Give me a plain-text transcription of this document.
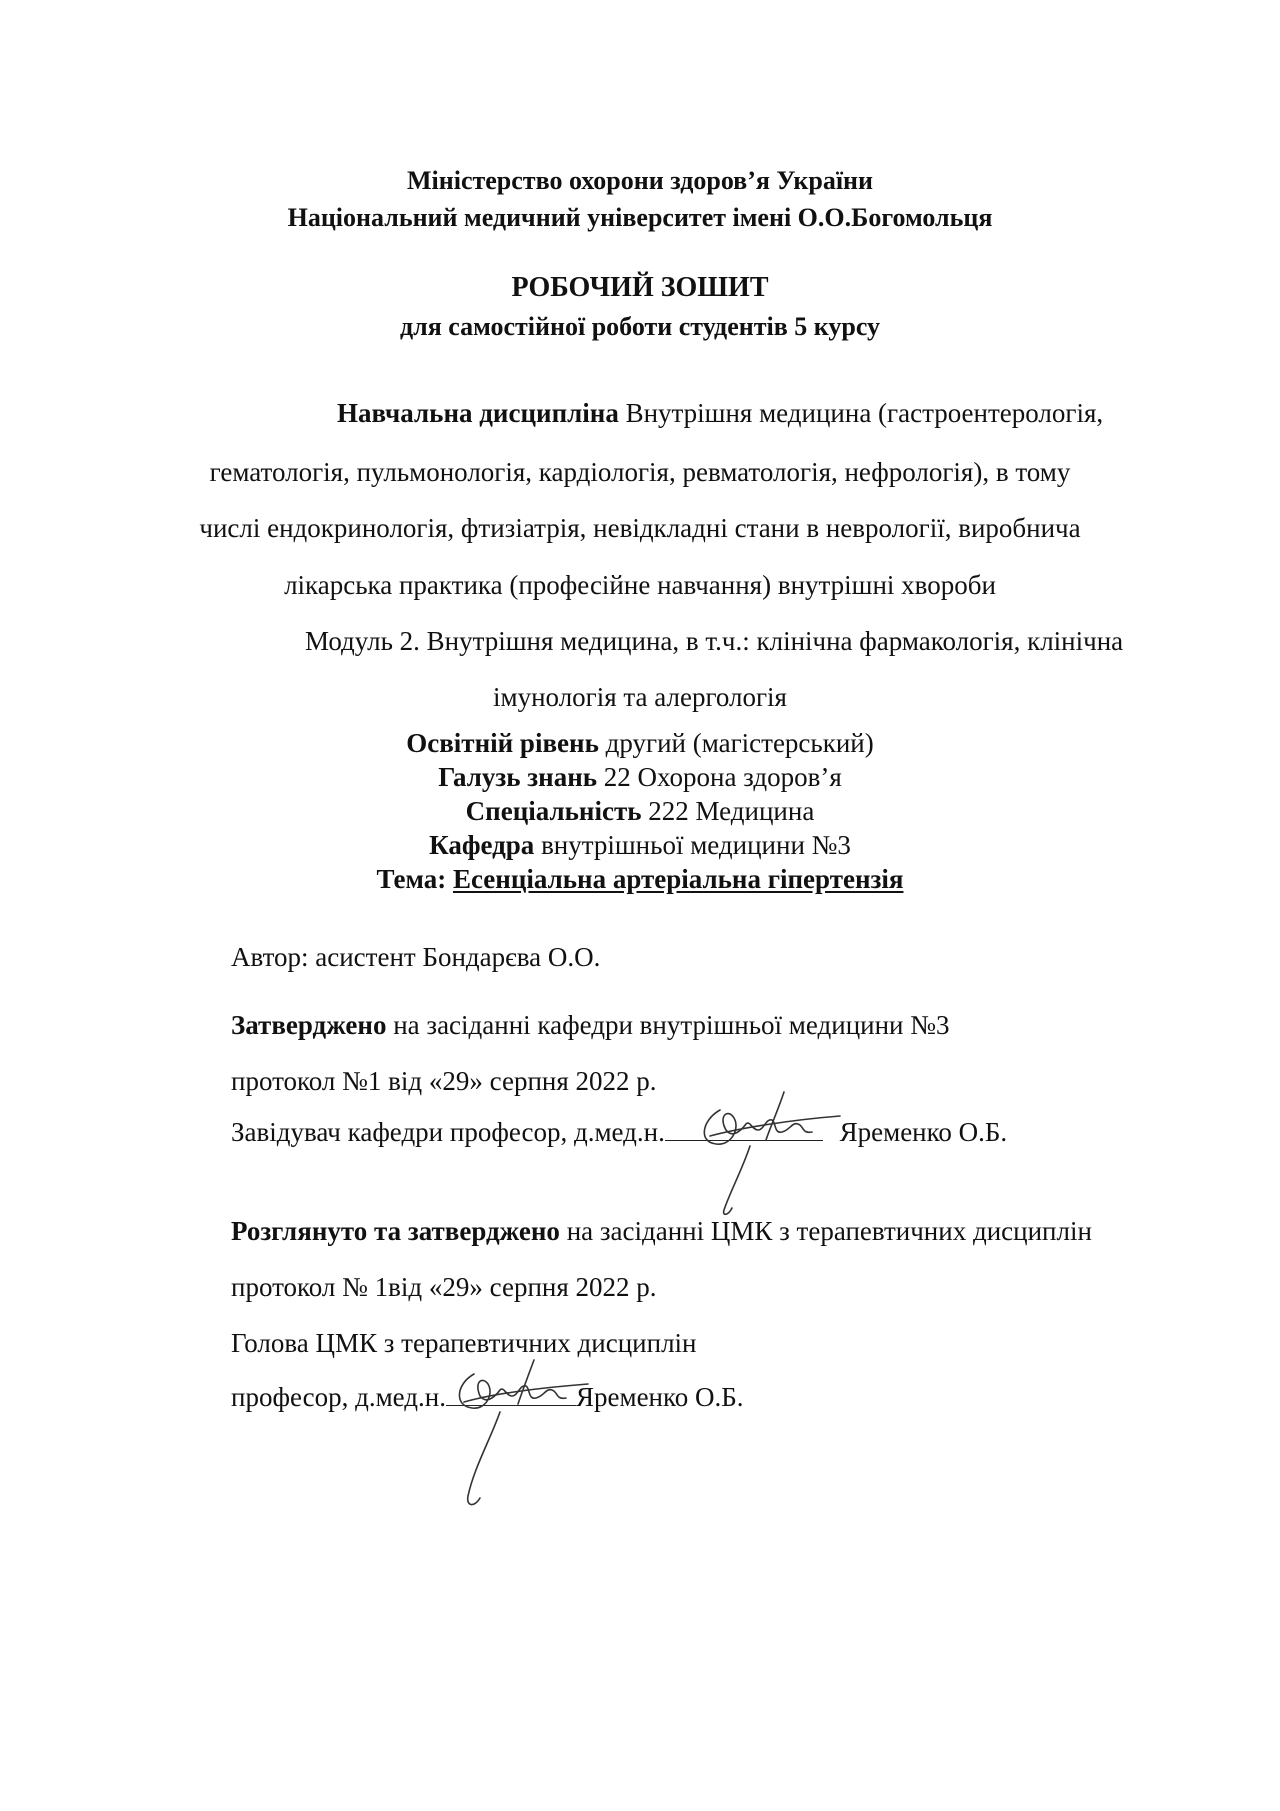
Міністерство охорони здоров’я України
Національний медичний університет імені О.О.Богомольця
РОБОЧИЙ ЗОШИТ
для самостійної роботи студентів 5 курсу
Навчальна дисципліна Внутрішня медицина (гастроентерологія,
гематологія, пульмонологія, кардіологія, ревматологія, нефрологія), в тому
числі ендокринологія, фтизіатрія, невідкладні стани в неврології, виробнича
лікарська практика (професійне навчання) внутрішні хвороби
Модуль 2. Внутрішня медицина, в т.ч.: клінічна фармакологія, клінічна
імунологія та алергологія
Освітній рівень другий (магістерський)
Галузь знань 22 Охорона здоров’я
Спеціальність 222 Медицина
Кафедра внутрішньої медицини №3
Тема: Есенціальна артеріальна гіпертензія
Автор: асистент Бондарєва О.О.
Затверджено на засіданні кафедри внутрішньої медицини №3
протокол №1 від «29» серпня 2022 р.
Завідувач кафедри професор, д.мед.н.	Яременко О.Б.
Розглянуто та затверджено на засіданні ЦМК з терапевтичних дисциплін
протокол № 1від «29» серпня 2022 р.
Голова ЦМК з терапевтичних дисциплін
професор, д.мед.н.	Яременко О.Б.
